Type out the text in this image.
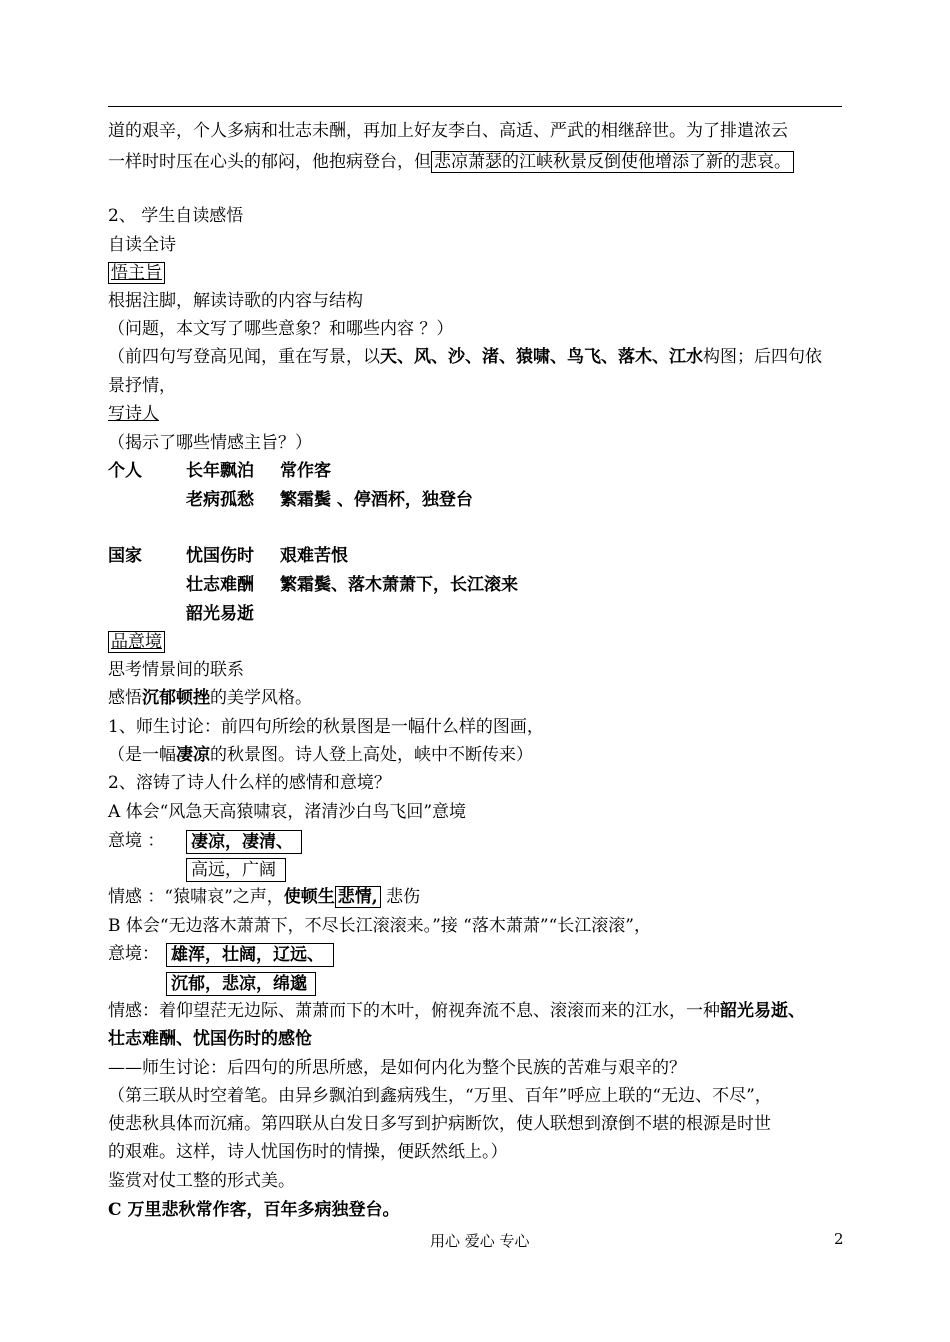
道的艰辛，个人多病和壮志未酬，再加上好友李白、高适、严武的相继辞世。为了排遣浓云
一样时时压在心头的郁闷，他抱病登台，但 悲凉萧瑟的江峡秋景反倒使他增添了新的悲哀。
2、 学生自读感悟
自读全诗
悟主旨
根据注脚，解读诗歌的内容与结构
（问题，本文写了哪些意象？和哪些内容 ？）
（前四句写登高见闻，重在写景，以天、风、沙、渚、猿啸、鸟飞、落木、江水构图；后四句依
景抒情，
写诗人
（揭示了哪些情感主旨？）
个人	长年飘泊 常作客
老病孤愁 繁霜鬓 、停酒杯，独登台
国家	忧国伤时 艰难苦恨
壮志难酬 繁霜鬓、落木萧萧下，长江滚来
韶光易逝
品意境
思考情景间的联系
感悟沉郁顿挫的美学风格。
1、师生讨论：前四句所绘的秋景图是一幅什么样的图画，
（是一幅凄凉的秋景图。诗人登上高处，峡中不断传来）
2、溶铸了诗人什么样的感情和意境？
A 体会“风急天高猿啸哀，渚清沙白鸟飞回”意境
意境 ： 凄凉，凄清、
高远，广阔
情感 ：“猿啸哀”之声，使顿生 悲情, 悲伤
B 体会“无边落木萧萧下，不尽长江滚滚来。”接 “落木萧萧”“长江滚滚”，
意境： 雄浑，壮阔，辽远、
沉郁，悲凉，绵邈
情感：着仰望茫无边际、萧萧而下的木叶，俯视奔流不息、滚滚而来的江水，一种韶光易逝、
壮志难酬、忧国伤时的感怆
——师生讨论：后四句的所思所感，是如何内化为整个民族的苦难与艰辛的？
（第三联从时空着笔。由异乡飘泊到鑫病残生，“万里、百年”呼应上联的“无边、不尽”，
使悲秋具体而沉痛。第四联从白发日多写到护病断饮，使人联想到潦倒不堪的根源是时世
的艰难。这样，诗人忧国伤时的情操，便跃然纸上。）
鉴赏对仗工整的形式美。
C 万里悲秋常作客，百年多病独登台。
用心 爱心 专心	2
